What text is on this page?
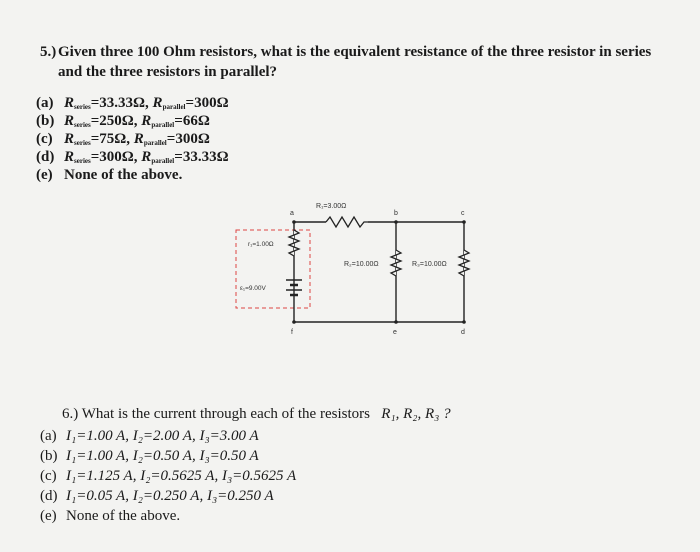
5.) Given three 100 Ohm resistors, what is the equivalent resistance of the three resistor in series and the three resistors in parallel?
(a) $R_{series}=33.33\Omega$, $R_{parallel}=300\Omega$
(b) $R_{series}=250\Omega$, $R_{parallel}=66\Omega$
(c) $R_{series}=75\Omega$, $R_{parallel}=300\Omega$
(d) $R_{series}=300\Omega$, $R_{parallel}=33.33\Omega$
(e) None of the above.
R₁=3.00Ω
R₂=10.00Ω	R₃=10.00Ω
r₁=1.00Ω
ε₁=9.00V
a	b	c
f	e	d
6.) What is the current through each of the resistors R₁, R₂, R₃ ?
(a) I₁=1.00 A, I₂=2.00 A, I₃=3.00 A
(b) I₁=1.00 A, I₂=0.50 A, I₃=0.50 A
(c) I₁=1.125 A, I₂=0.5625 A, I₃=0.5625 A
(d) I₁=0.05 A, I₂=0.250 A, I₃=0.250 A
(e) None of the above.
